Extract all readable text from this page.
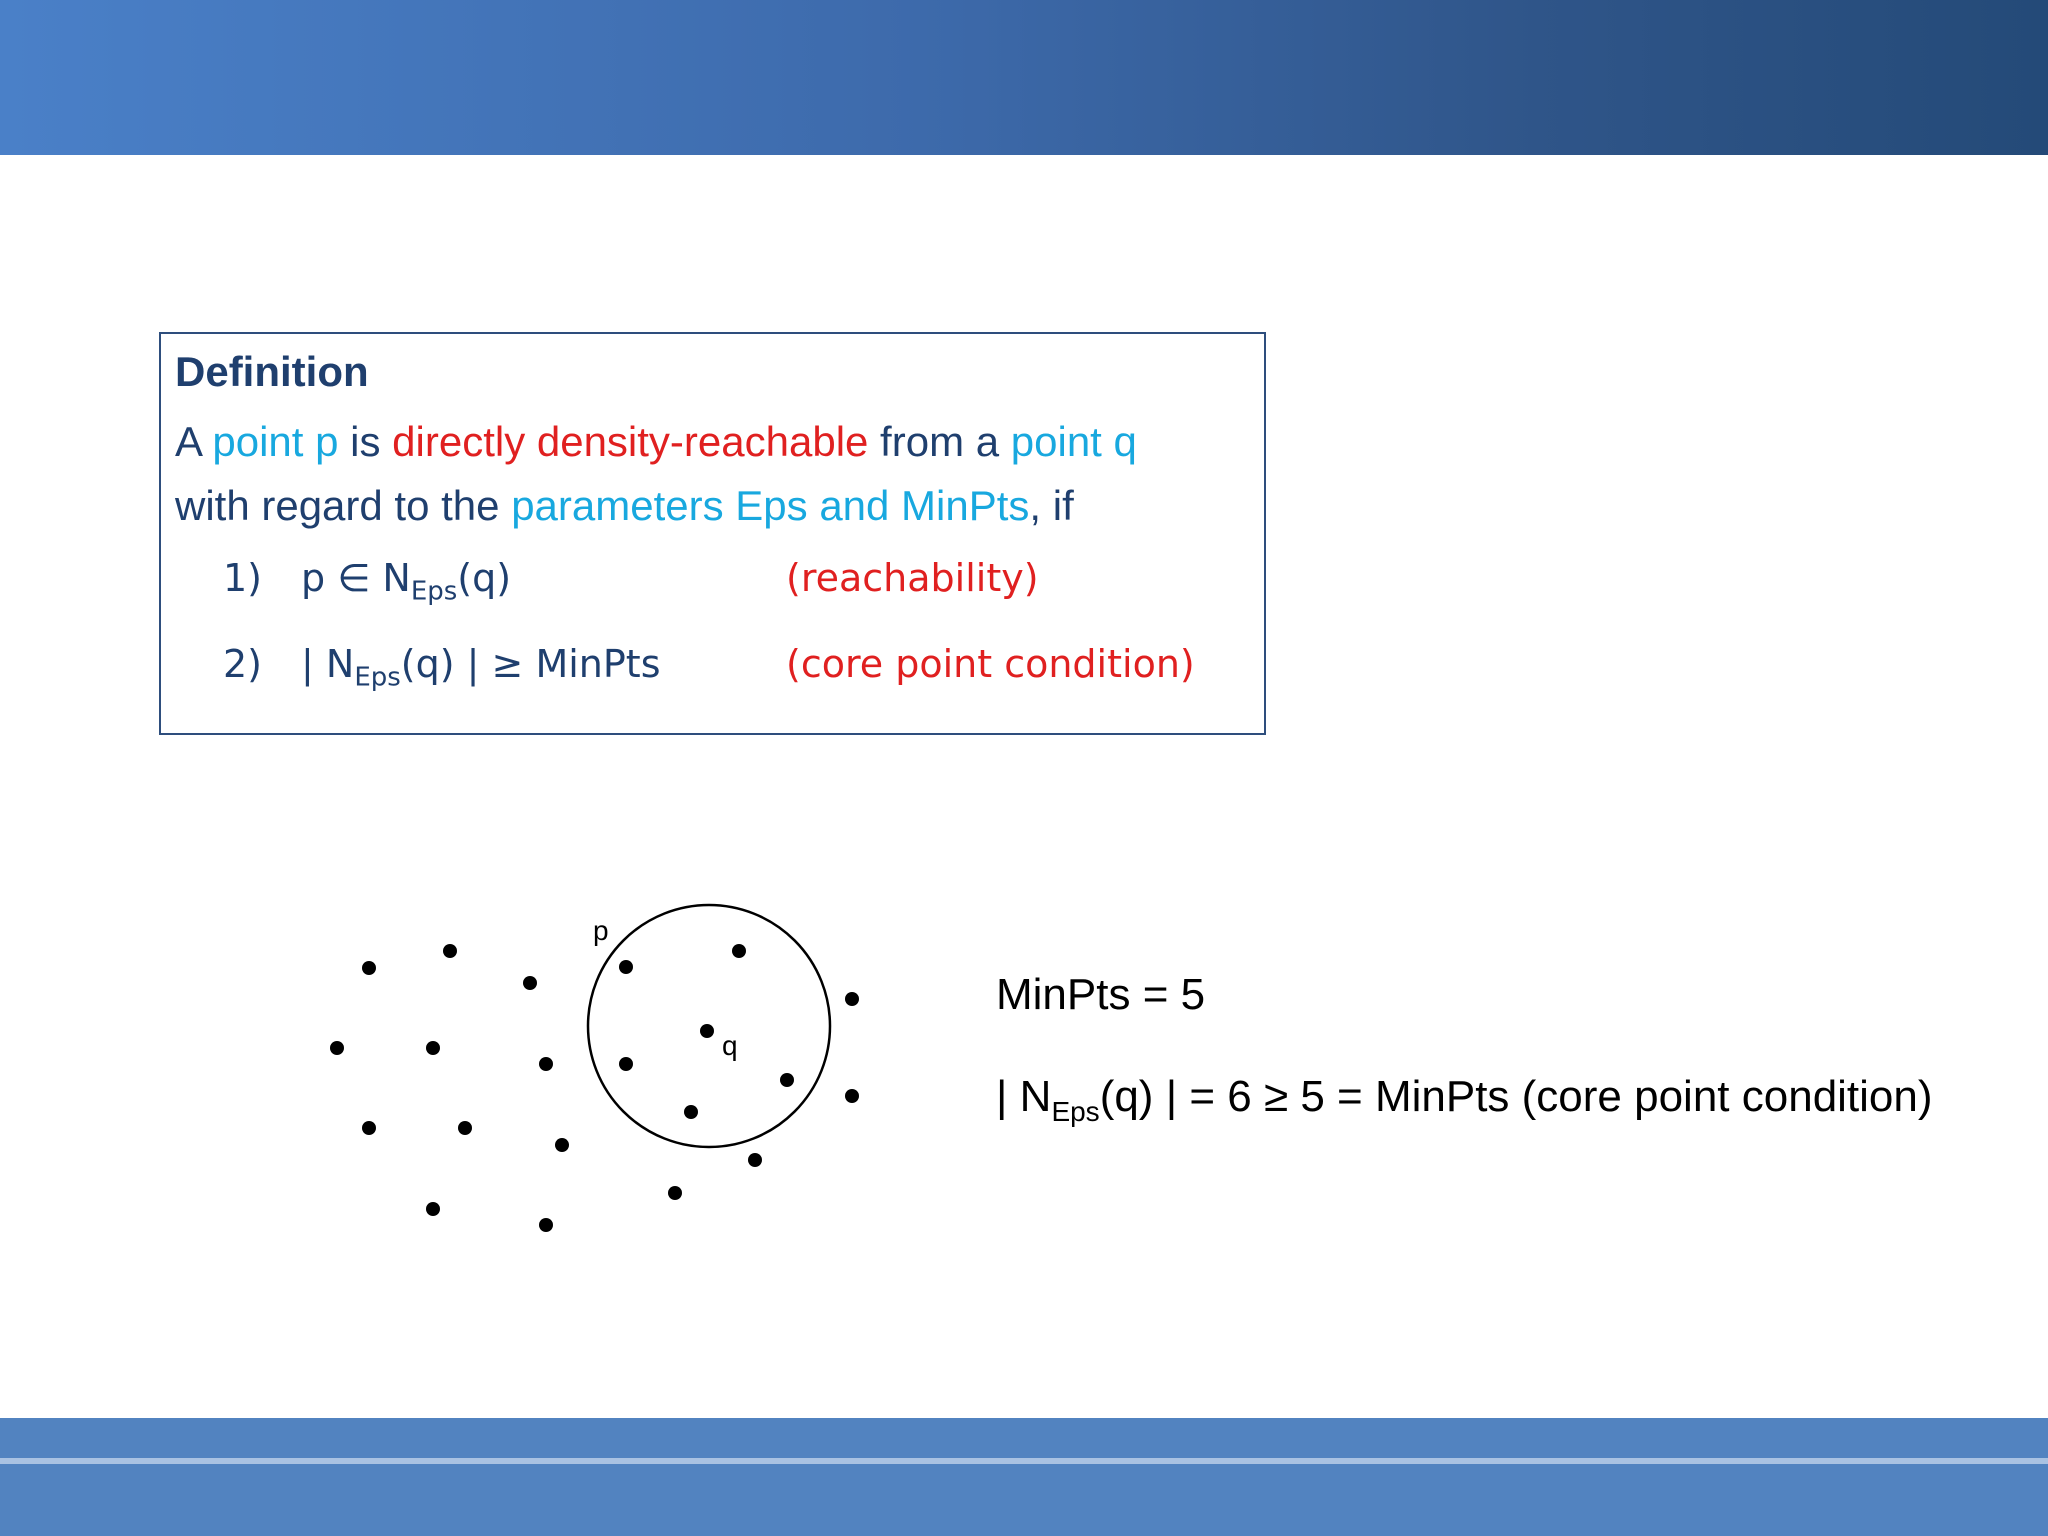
Definition
A point p is directly density-reachable from a point q
with regard to the parameters Eps and MinPts, if
1) p ∈ $N_{Eps}(q)$	(reachability)
2) | $N_{Eps}(q)$ | ≥ MinPts	(core point condition)
p
q
MinPts = 5
| $N_{Eps}(q)$ | = 6 ≥ 5 = MinPts (core point condition)
